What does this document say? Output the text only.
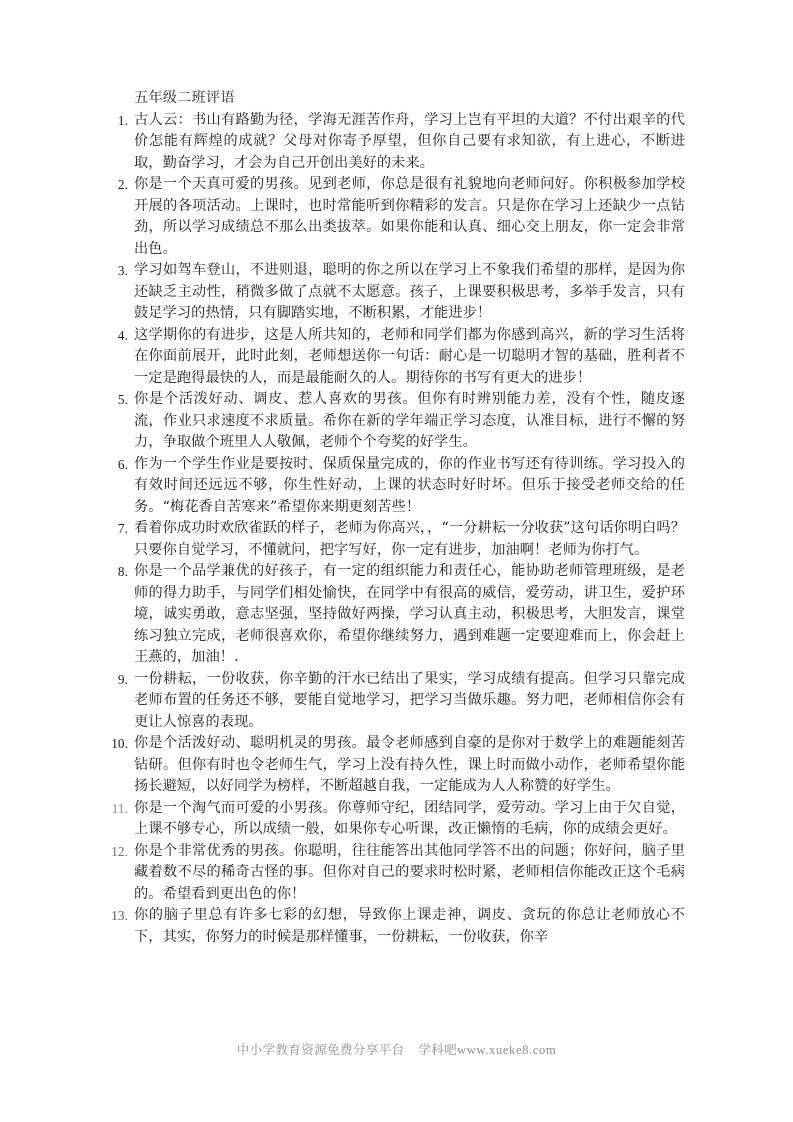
五年级二班评语
1. 古人云：书山有路勤为径，学海无涯苦作舟，学习上岂有平坦的大道？不付出艰辛的代价怎能有辉煌的成就？父母对你寄予厚望，但你自己要有求知欲，有上进心，不断进取，勤奋学习，才会为自己开创出美好的未来。
2. 你是一个天真可爱的男孩。见到老师，你总是很有礼貌地向老师问好。你积极参加学校开展的各项活动。上课时，也时常能听到你精彩的发言。只是你在学习上还缺少一点钻劲，所以学习成绩总不那么出类拔萃。如果你能和认真、细心交上朋友，你一定会非常出色。
3. 学习如驾车登山，不进则退，聪明的你之所以在学习上不象我们希望的那样，是因为你还缺乏主动性，稍微多做了点就不太愿意。孩子，上课要积极思考，多举手发言，只有鼓足学习的热情，只有脚踏实地，不断积累，才能进步！
4. 这学期你的有进步，这是人所共知的，老师和同学们都为你感到高兴，新的学习生活将在你面前展开，此时此刻，老师想送你一句话：耐心是一切聪明才智的基础，胜利者不一定是跑得最快的人，而是最能耐久的人。期待你的书写有更大的进步！
5. 你是个活泼好动、调皮、惹人喜欢的男孩。但你有时辨别能力差，没有个性，随皮逐流，作业只求速度不求质量。希你在新的学年端正学习态度，认准目标，进行不懈的努力，争取做个班里人人敬佩，老师个个夸奖的好学生。
6. 作为一个学生作业是要按时、保质保量完成的，你的作业书写还有待训练。学习投入的有效时间还远远不够，你生性好动，上课的状态时好时坏。但乐于接受老师交给的任务。“梅花香自苦寒来”希望你来期更刻苦些！
7. 看着你成功时欢欣雀跃的样子，老师为你高兴，，“一分耕耘一分收获”这句话你明白吗？只要你自觉学习，不懂就问，把字写好，你一定有进步，加油啊！老师为你打气。
8. 你是一个品学兼优的好孩子，有一定的组织能力和责任心，能协助老师管理班级，是老师的得力助手，与同学们相处愉快，在同学中有很高的威信，爱劳动，讲卫生，爱护环境，诚实勇敢，意志坚强，坚持做好两操，学习认真主动，积极思考，大胆发言，课堂练习独立完成，老师很喜欢你，希望你继续努力，遇到难题一定要迎难而上，你会赶上王燕的，加油！.
9. 一份耕耘，一份收获，你辛勤的汗水已结出了果实，学习成绩有提高。但学习只靠完成老师布置的任务还不够，要能自觉地学习，把学习当做乐趣。努力吧，老师相信你会有更让人惊喜的表现。
10. 你是个活泼好动、聪明机灵的男孩。最令老师感到自豪的是你对于数学上的难题能刻苦钻研。但你有时也令老师生气，学习上没有持久性，课上时而做小动作，老师希望你能扬长避短，以好同学为榜样，不断超越自我，一定能成为人人称赞的好学生。
11. 你是一个淘气而可爱的小男孩。你尊师守纪，团结同学，爱劳动。学习上由于欠自觉，上课不够专心，所以成绩一般，如果你专心听课，改正懒惰的毛病，你的成绩会更好。
12. 你是个非常优秀的男孩。你聪明，往往能答出其他同学答不出的问题；你好问，脑子里藏着数不尽的稀奇古怪的事。但你对自己的要求时松时紧，老师相信你能改正这个毛病的。希望看到更出色的你！
13. 你的脑子里总有许多七彩的幻想，导致你上课走神，调皮、贪玩的你总让老师放心不下，其实，你努力的时候是那样懂事，一份耕耘，一份收获，你辛
中小学教育资源免费分享平台 学科吧www.xueke8.com
